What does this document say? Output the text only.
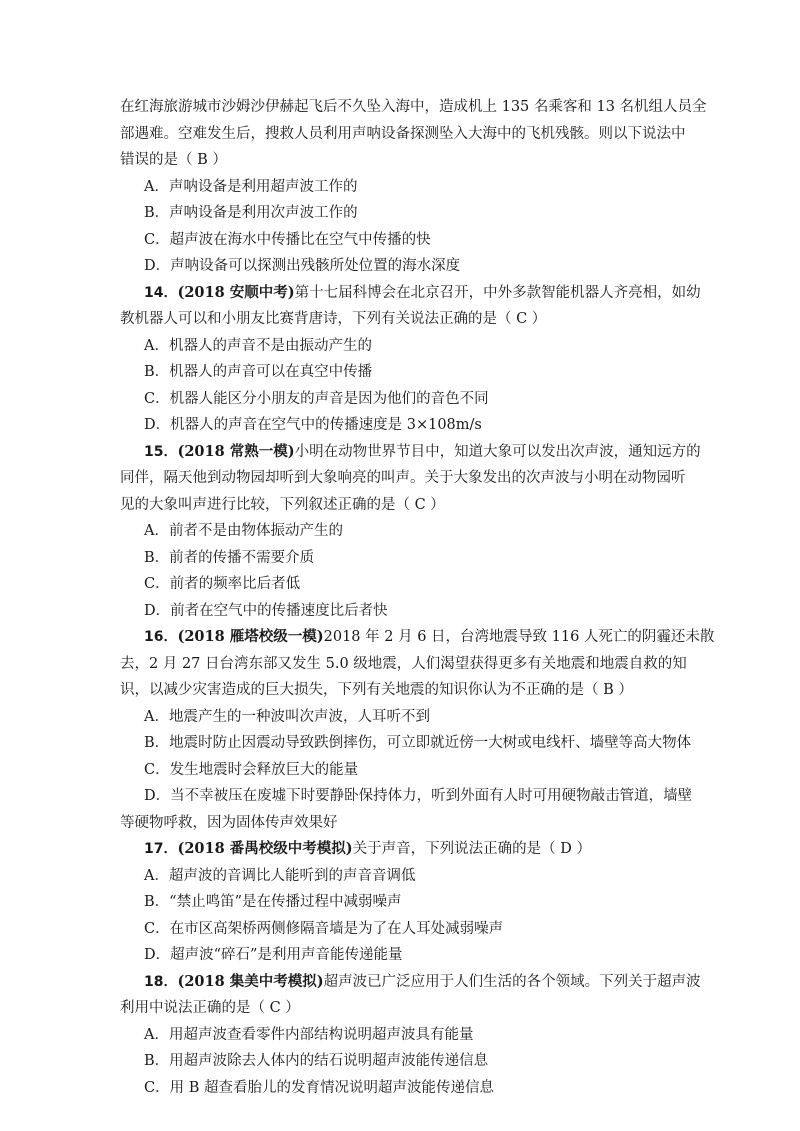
在红海旅游城市沙姆沙伊赫起飞后不久坠入海中，造成机上 135 名乘客和 13 名机组人员全
部遇难。空难发生后，搜救人员利用声呐设备探测坠入大海中的飞机残骸。则以下说法中
错误的是（ B ）
A．声呐设备是利用超声波工作的
B．声呐设备是利用次声波工作的
C．超声波在海水中传播比在空气中传播的快
D．声呐设备可以探测出残骸所处位置的海水深度
14．(2018 安顺中考)第十七届科博会在北京召开，中外多款智能机器人齐亮相，如幼
教机器人可以和小朋友比赛背唐诗，下列有关说法正确的是（ C ）
A．机器人的声音不是由振动产生的
B．机器人的声音可以在真空中传播
C．机器人能区分小朋友的声音是因为他们的音色不同
D．机器人的声音在空气中的传播速度是 3×108m/s
15．(2018 常熟一模)小明在动物世界节目中，知道大象可以发出次声波，通知远方的
同伴，隔天他到动物园却听到大象响亮的叫声。关于大象发出的次声波与小明在动物园听
见的大象叫声进行比较，下列叙述正确的是（ C ）
A．前者不是由物体振动产生的
B．前者的传播不需要介质
C．前者的频率比后者低
D．前者在空气中的传播速度比后者快
16．(2018 雁塔校级一模)2018 年 2 月 6 日，台湾地震导致 116 人死亡的阴霾还未散
去，2 月 27 日台湾东部又发生 5.0 级地震，人们渴望获得更多有关地震和地震自救的知
识，以减少灾害造成的巨大损失，下列有关地震的知识你认为不正确的是（ B ）
A．地震产生的一种波叫次声波，人耳听不到
B．地震时防止因震动导致跌倒摔伤，可立即就近傍一大树或电线杆、墙壁等高大物体
C．发生地震时会释放巨大的能量
D．当不幸被压在废墟下时要静卧保持体力，听到外面有人时可用硬物敲击管道，墙壁
等硬物呼救，因为固体传声效果好
17．(2018 番禺校级中考模拟)关于声音，下列说法正确的是（ D ）
A．超声波的音调比人能听到的声音音调低
B．“禁止鸣笛”是在传播过程中减弱噪声
C．在市区高架桥两侧修隔音墙是为了在人耳处减弱噪声
D．超声波“碎石”是利用声音能传递能量
18．(2018 集美中考模拟)超声波已广泛应用于人们生活的各个领域。下列关于超声波
利用中说法正确的是（ C ）
A．用超声波查看零件内部结构说明超声波具有能量
B．用超声波除去人体内的结石说明超声波能传递信息
C．用 B 超查看胎儿的发育情况说明超声波能传递信息
